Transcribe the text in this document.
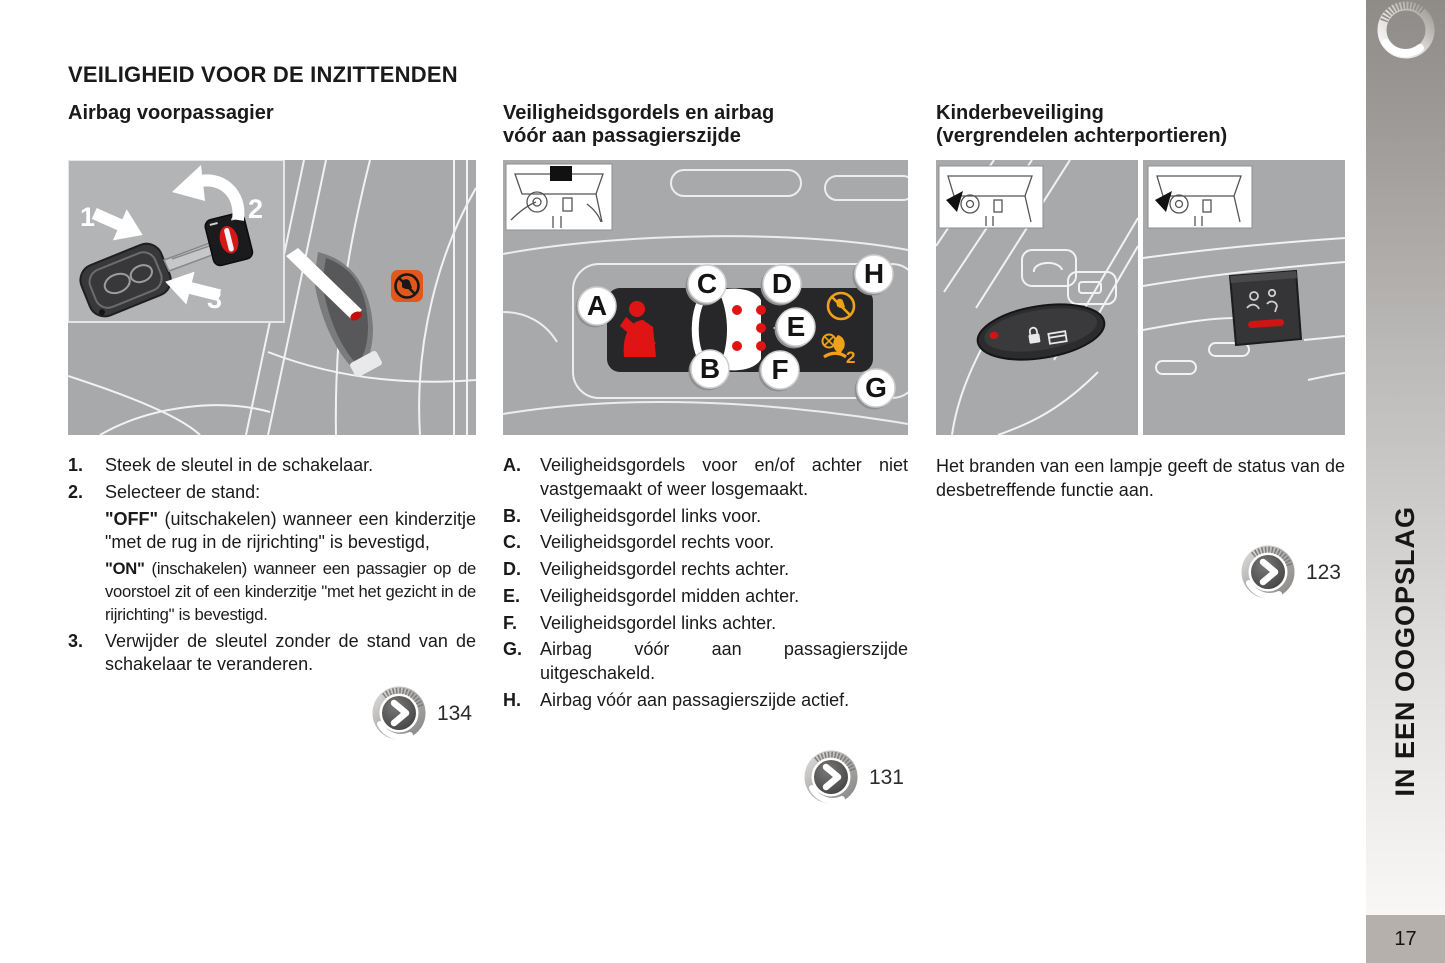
IN EEN OOGOPSLAG
17
VEILIGHEID VOOR DE INZITTENDEN
Airbag voorpassagier
1	2
3
1.	Steek de sleutel in de schakelaar.
2.	Selecteer de stand:
"OFF" (uitschakelen) wanneer een kinderzitje "met de rug in de rijrichting" is bevestigd,
"ON" (inschakelen) wanneer een passagier op de voorstoel zit of een kinderzitje "met het gezicht in de rijrichting" is bevestigd.
3.	Verwijder de sleutel zonder de stand van de schakelaar te veranderen.
134
Veiligheidsgordels en airbag
vóór aan passagierszijde
2
A
C D	H
E
B F
G
A.	Veiligheidsgordels voor en/of achter niet vastgemaakt of weer losgemaakt.
B.	Veiligheidsgordel links voor.
C.	Veiligheidsgordel rechts voor.
D.	Veiligheidsgordel rechts achter.
E.	Veiligheidsgordel midden achter.
F.	Veiligheidsgordel links achter.
G. Airbag vóór aan passagierszijde uitgeschakeld.
H.	Airbag vóór aan passagierszijde actief.
131
Kinderbeveiliging
(vergrendelen achterportieren)

Het branden van een lampje geeft de status van de desbetreffende functie aan.

123
